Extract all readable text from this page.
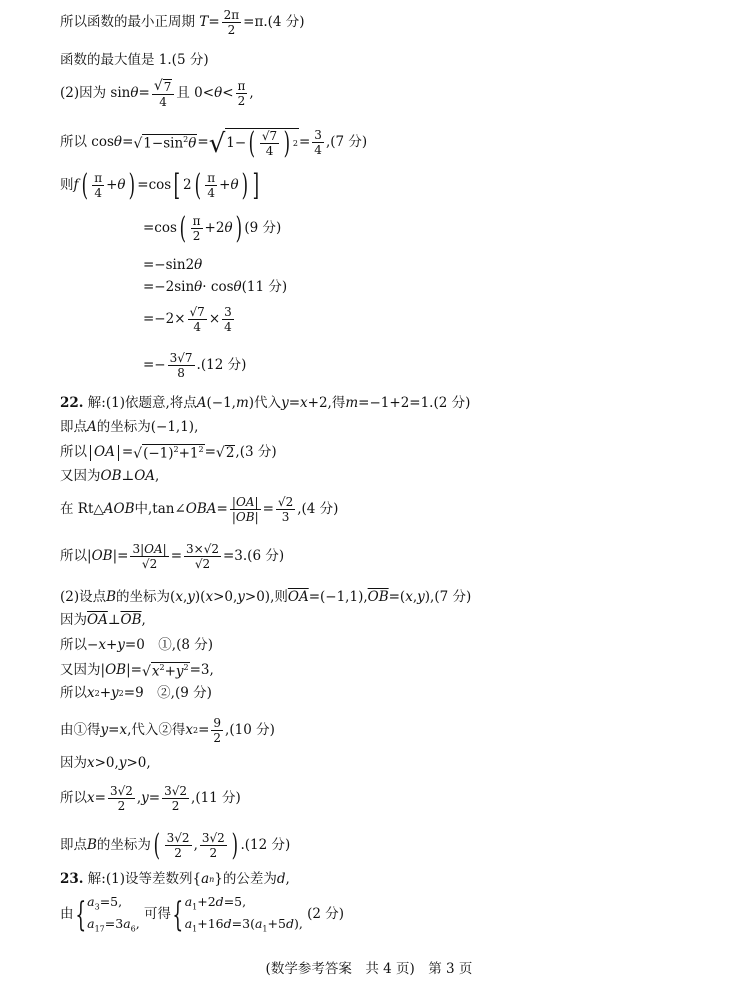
所以函数的最小正周期 $T = \frac{2\pi}{2} =\pi.(4$ 分)
函数的最大值是 1.(5 分)
(2)因为 $\sin \theta = \frac{√ 7}{4}$ 且 $0< \theta < \frac{\pi}{2}$ ,
所以 cos θ = √ $1-\sin^2\theta$ = √ 1− ( $\frac{√7}{4}$ ) $2 = \frac{3}{4} ,(7$ 分)
则 f ( $\frac{\pi}{4} + \theta$ ) =cos [ 2 ( $\frac{\pi}{4} + \theta$ ) ]
=cos ( $\frac{\pi}{2} +2$ θ ) (9 分)
=−sin2 θ
=−2sin θ · cos θ (11 分)
$=-2\times \frac{√7}{4} \times \frac{3}{4}$
=− $\frac{3√7}{8} .(12$ 分)
22. 解:(1)依题意,将点 A (−1, m )代入 y = x +2,得 m =−1+2=1.(2 分)
即点 A 的坐标为(−1,1),
所以 OA = √ $(-1)^2+1^2$ = √ 2 ,(3 分)
又因为 OB ⊥ OA ,
在 Rt△ AOB 中,tan∠ OBA = $\frac{|OA|}{|OB|} = \frac{√2}{3} ,(4$ 分)
所以| OB |= $\frac{3|OA|}{√2} = \frac{3\times√2}{√2} =3.(6$ 分)
(2)设点 B 的坐标为( x , y )( x >0, y >0),则 $\overline{OA} =(-1,1)$, $\overline{OB}$ =( x , y ),(7 分)
因为 $\overline{OA}$ ⊥ $\overline{OB}$ ,
所以− x + y =0　①,(8 分)
又因为| OB |= √ $x^2+y^2 =3$,
所以 x 2 + y 2 =9　②,(9 分)
由①得 y = x ,代入②得 x $2 = \frac{9}{2} ,(10$ 分)
因为 x >0, y >0,
所以 $x = \frac{3√2}{2}$ , $y = \frac{3√2}{2} ,(11$ 分)
即点 B 的坐标为 ( $\frac{3√2}{2}$ , $\frac{3√2}{2}$ ) .(12 分)
23. 解:(1)设等差数列{ a n }的公差为 d ,
由 { $a_3=5$,
$a_{17}=3a_6$,
可得 { $a_1+2d=5$,
$a_1+16d=3(a_1+5d)$,
(2 分)
(数学参考答案　共 4 页)　第 3 页
